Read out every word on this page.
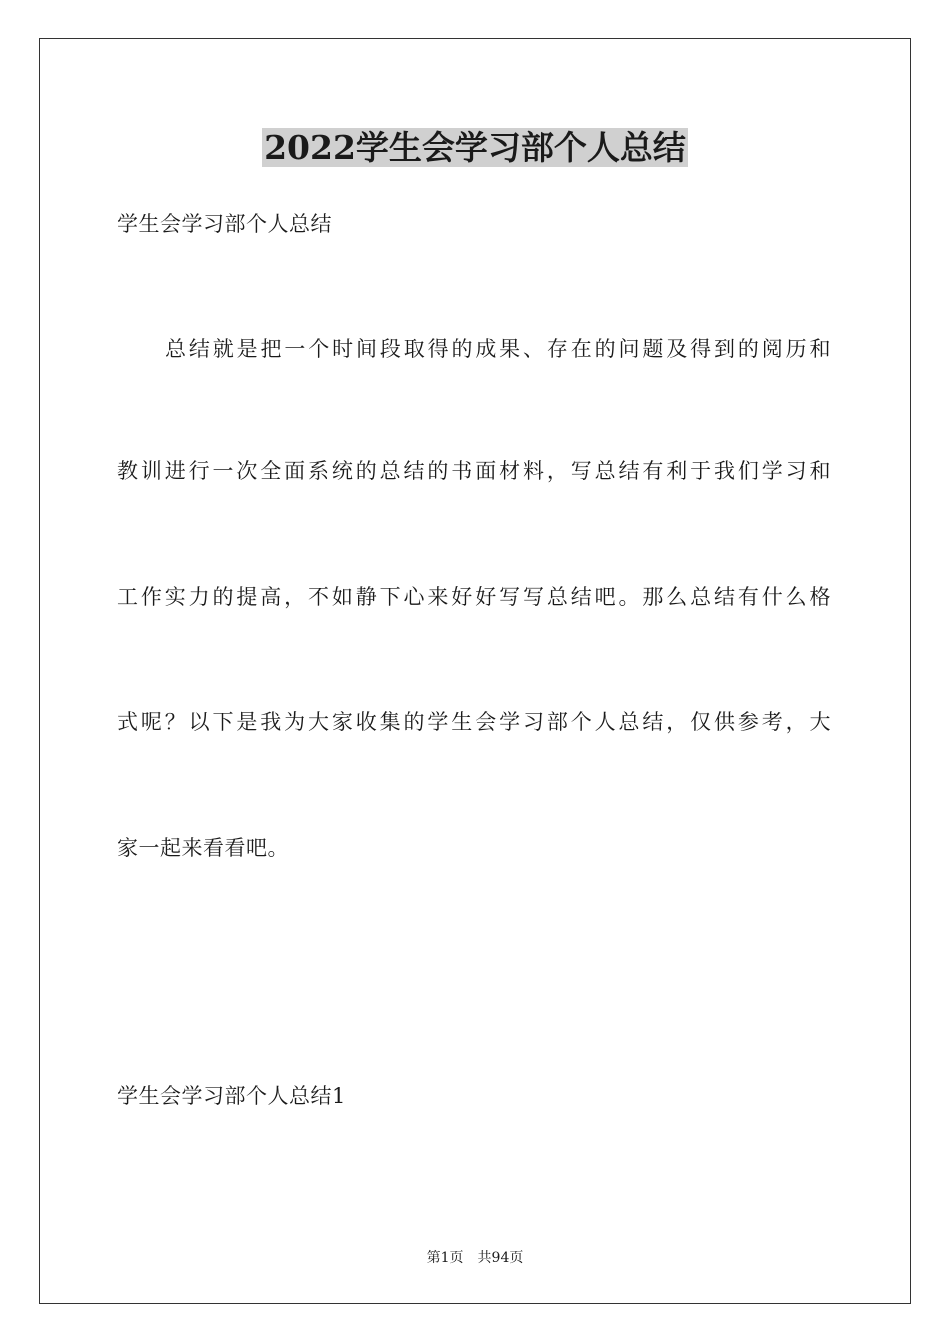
2022学生会学习部个人总结
学生会学习部个人总结
总结就是把一个时间段取得的成果、存在的问题及得到的阅历和
教训进行一次全面系统的总结的书面材料，写总结有利于我们学习和
工作实力的提高，不如静下心来好好写写总结吧。那么总结有什么格
式呢？以下是我为大家收集的学生会学习部个人总结，仅供参考，大
家一起来看看吧。
学生会学习部个人总结1
第1页 共94页
